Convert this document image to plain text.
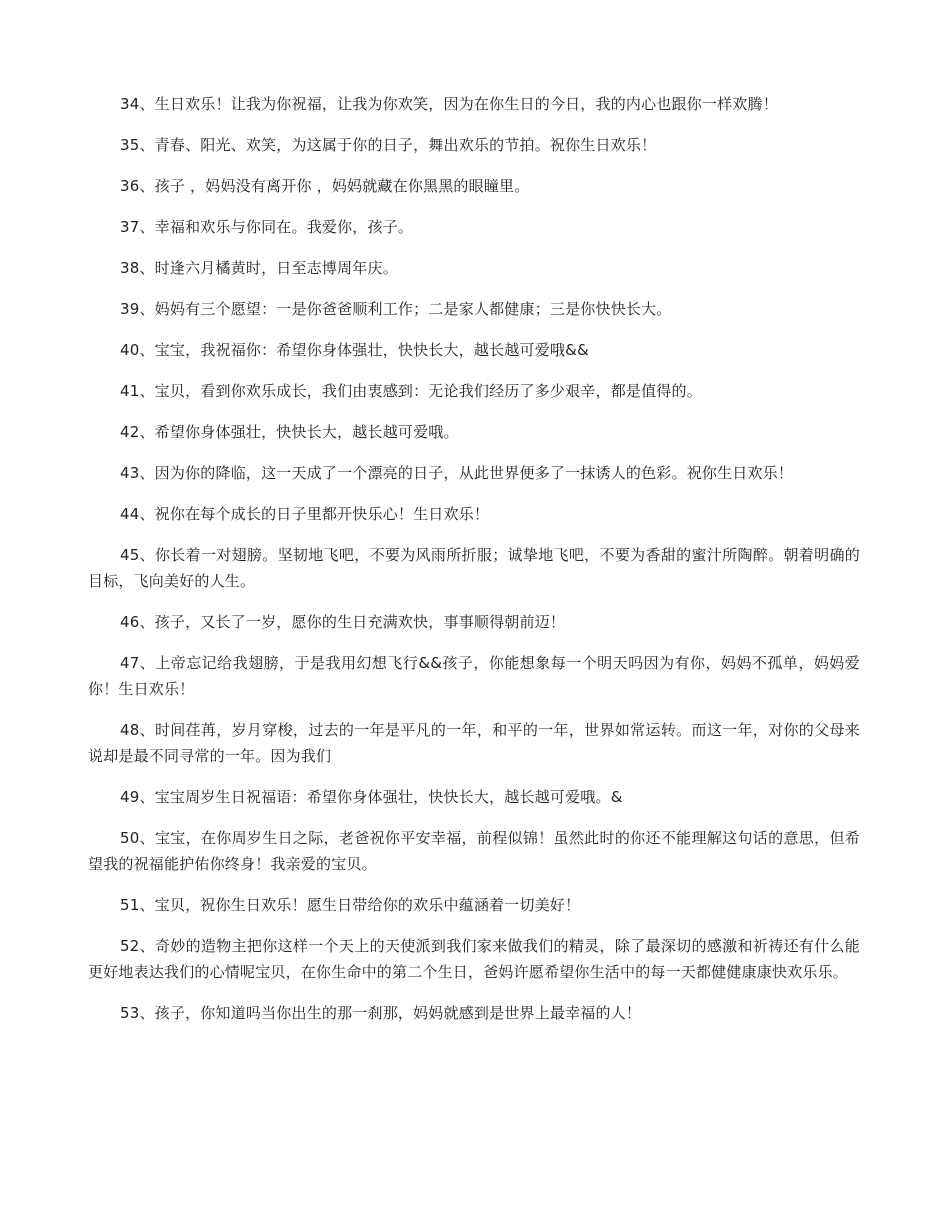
34、生日欢乐！让我为你祝福，让我为你欢笑，因为在你生日的今日，我的内心也跟你一样欢腾！

35、青春、阳光、欢笑，为这属于你的日子，舞出欢乐的节拍。祝你生日欢乐！

36、孩子 ，妈妈没有离开你 ，妈妈就藏在你黑黑的眼瞳里。

37、幸福和欢乐与你同在。我爱你，孩子。

38、时逢六月橘黄时，日至志博周年庆。

39、妈妈有三个愿望：一是你爸爸顺利工作；二是家人都健康；三是你快快长大。

40、宝宝，我祝福你：希望你身体强壮，快快长大，越长越可爱哦&&

41、宝贝，看到你欢乐成长，我们由衷感到：无论我们经历了多少艰辛，都是值得的。

42、希望你身体强壮，快快长大，越长越可爱哦。

43、因为你的降临，这一天成了一个漂亮的日子，从此世界便多了一抹诱人的色彩。祝你生日欢乐！

44、祝你在每个成长的日子里都开快乐心！生日欢乐！

45、你长着一对翅膀。坚韧地飞吧，不要为风雨所折服；诚挚地飞吧，不要为香甜的蜜汁所陶醉。朝着明确的目标，飞向美好的人生。

46、孩子，又长了一岁，愿你的生日充满欢快，事事顺得朝前迈！

47、上帝忘记给我翅膀，于是我用幻想飞行&&孩子，你能想象每一个明天吗因为有你，妈妈不孤单，妈妈爱你！生日欢乐！

48、时间荏苒，岁月穿梭，过去的一年是平凡的一年，和平的一年，世界如常运转。而这一年，对你的父母来说却是最不同寻常的一年。因为我们

49、宝宝周岁生日祝福语：希望你身体强壮，快快长大，越长越可爱哦。&

50、宝宝，在你周岁生日之际，老爸祝你平安幸福，前程似锦！虽然此时的你还不能理解这句话的意思，但希望我的祝福能护佑你终身！我亲爱的宝贝。

51、宝贝，祝你生日欢乐！愿生日带给你的欢乐中蕴涵着一切美好！

52、奇妙的造物主把你这样一个天上的天使派到我们家来做我们的精灵，除了最深切的感激和祈祷还有什么能更好地表达我们的心情呢宝贝，在你生命中的第二个生日，爸妈许愿希望你生活中的每一天都健健康康快欢乐乐。

53、孩子，你知道吗当你出生的那一刹那，妈妈就感到是世界上最幸福的人！
